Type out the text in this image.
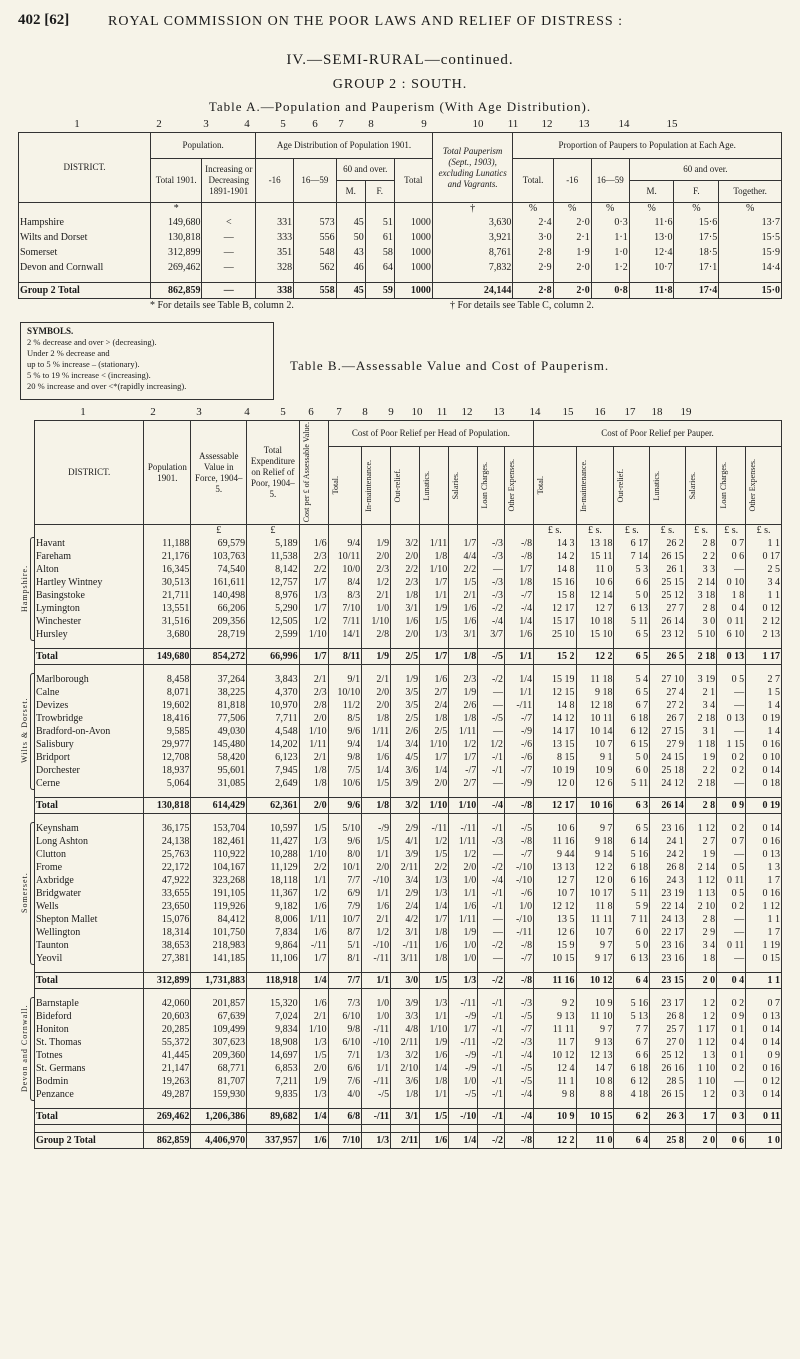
402 [62]	ROYAL COMMISSION ON THE POOR LAWS AND RELIEF OF DISTRESS :
IV.—SEMI-RURAL—continued.
GROUP 2 : SOUTH.
Table A.—Population and Pauperism (With Age Distribution).
1	2	3	4	5 6 7 8	9	10 11 12 13	14	15
DISTRICT.	Population.		Age Distribution of Population 1901.					Total Pauperism (Sept., 1903), excluding Lunatics and Vagrants.	Proportion of Paupers to Population at Each Age.					
	Total 1901.	Increasing or Decreasing 1891-1901	-16	16—59	60 and over.		Total		Total.	-16	16—59	60 and over.		
					M.	F.						M.	F.	Together.
	*							†	%	%	%	%	%	%
Hampshire	149,680	<	331	573	45	51	1000	3,630	2·4	2·0	0·3	11·6	15·6	13·7
Wilts and Dorset	130,818	—	333	556	50	61	1000	3,921	3·0	2·1	1·1	13·0	17·5	15·5
Somerset	312,899	—	351	548	43	58	1000	8,761	2·8	1·9	1·0	12·4	18·5	15·9
Devon and Cornwall	269,462	—	328	562	46	64	1000	7,832	2·9	2·0	1·2	10·7	17·1	14·4

Group 2 Total	862,859	—	338	558	45	59	1000	24,144	2·8	2·0	0·8	11·8	17·4	15·0
* For details see Table B, column 2.	† For details see Table C, column 2.
SYMBOLS.
2 % decrease and over > (decreasing).
Under 2 % decrease and
up to 5 % increase – (stationary).
5 % to 19 % increase < (increasing).
20 % increase and over <*(rapidly increasing).
Table B.—Assessable Value and Cost of Pauperism.
1	2	3	4	5 6 7 8 9 10 11 12 13 14 15 16 17 18 19
DISTRICT.	Population 1901.	Assessable Value in Force, 1904–5.	Total Expenditure on Relief of Poor, 1904–5.	Cost per £ of Assessable Value.	Cost of Poor Relief per Head of Population.							Cost of Poor Relief per Pauper.						

					Total.	In-maintenance.	Out-relief.	Lunatics.	Salaries.	Loan Charges.	Other Expenses.	Total.	In-maintenance.	Out-relief.	Lunatics.	Salaries.	Loan Charges.	Other Expenses.

		£	£									£ s.	£ s.	£ s.	£ s.	£ s.	£ s.	£ s.
Havant	11,188	69,579	5,189	1/6	9/4	1/9	3/2	1/11	1/7	-/3	-/8	14 3	13 18	6 17	26 2	2 8	0 7	1 1
Fareham	21,176	103,763	11,538	2/3	10/11	2/0	2/0	1/8	4/4	-/3	-/8	14 2	15 11	7 14	26 15	2 2	0 6	0 17
Alton	16,345	74,540	8,142	2/2	10/0	2/3	2/2	1/10	2/2	—	1/7	14 8	11 0	5 3	26 1	3 3	—	2 5
Hartley Wintney	30,513	161,611	12,757	1/7	8/4	1/2	2/3	1/7	1/5	-/3	1/8	15 16	10 6	6 6	25 15	2 14	0 10	3 4
Basingstoke	21,711	140,498	8,976	1/3	8/3	2/1	1/8	1/1	2/1	-/3	-/7	15 8	12 14	5 0	25 12	3 18	1 8	1 1
Lymington	13,551	66,206	5,290	1/7	7/10	1/0	3/1	1/9	1/6	-/2	-/4	12 17	12 7	6 13	27 7	2 8	0 4	0 12
Winchester	31,516	209,356	12,505	1/2	7/11	1/10	1/6	1/5	1/6	-/4	1/4	15 17	10 18	5 11	26 14	3 0	0 11	2 12
Hursley	3,680	28,719	2,599	1/10	14/1	2/8	2/0	1/3	3/1	3/7	1/6	25 10	15 10	6 5	23 12	5 10	6 10	2 13

Total	149,680	854,272	66,996	1/7	8/11	1/9	2/5	1/7	1/8	-/5	1/1	15 2	12 2	6 5	26 5	2 18	0 13	1 17

Marlborough	8,458	37,264	3,843	2/1	9/1	2/1	1/9	1/6	2/3	-/2	1/4	15 19	11 18	5 4	27 10	3 19	0 5	2 7
Calne	8,071	38,225	4,370	2/3	10/10	2/0	3/5	2/7	1/9	—	1/1	12 15	9 18	6 5	27 4	2 1	—	1 5
Devizes	19,602	81,818	10,970	2/8	11/2	2/0	3/5	2/4	2/6	—	-/11	14 8	12 18	6 7	27 2	3 4	—	1 4
Trowbridge	18,416	77,506	7,711	2/0	8/5	1/8	2/5	1/8	1/8	-/5	-/7	14 12	10 11	6 18	26 7	2 18	0 13	0 19
Bradford-on-Avon	9,585	49,030	4,548	1/10	9/6	1/11	2/6	2/5	1/11	—	-/9	14 17	10 14	6 12	27 15	3 1	—	1 4
Salisbury	29,977	145,480	14,202	1/11	9/4	1/4	3/4	1/10	1/2	1/2	-/6	13 15	10 7	6 15	27 9	1 18	1 15	0 16
Bridport	12,708	58,420	6,123	2/1	9/8	1/6	4/5	1/7	1/7	-/1	-/6	8 15	9 1	5 0	24 15	1 9	0 2	0 10
Dorchester	18,937	95,601	7,945	1/8	7/5	1/4	3/6	1/4	-/7	-/1	-/7	10 19	10 9	6 0	25 18	2 2	0 2	0 14
Cerne	5,064	31,085	2,649	1/8	10/6	1/5	3/9	2/0	2/7	—	-/9	12 0	12 6	5 11	24 12	2 18	—	0 18

Total	130,818	614,429	62,361	2/0	9/6	1/8	3/2	1/10	1/10	-/4	-/8	12 17	10 16	6 3	26 14	2 8	0 9	0 19

Keynsham	36,175	153,704	10,597	1/5	5/10	-/9	2/9	-/11	-/11	-/1	-/5	10 6	9 7	6 5	23 16	1 12	0 2	0 14
Long Ashton	24,138	182,461	11,427	1/3	9/6	1/5	4/1	1/2	1/11	-/3	-/8	11 16	9 18	6 14	24 1	2 7	0 7	0 16
Clutton	25,763	110,922	10,288	1/10	8/0	1/1	3/9	1/5	1/2	—	-/7	9 44	9 14	5 16	24 2	1 9	—	0 13
Frome	22,172	104,167	11,129	2/2	10/1	2/0	2/11	2/2	2/0	-/2	-/10	13 13	12 2	6 18	26 8	2 14	0 5	1 3
Axbridge	47,922	323,268	18,118	1/1	7/7	-/10	3/4	1/3	1/0	-/4	-/10	12 7	12 0	6 16	24 3	1 12	0 11	1 7
Bridgwater	33,655	191,105	11,367	1/2	6/9	1/1	2/9	1/3	1/1	-/1	-/6	10 7	10 17	5 11	23 19	1 13	0 5	0 16
Wells	23,650	119,926	9,182	1/6	7/9	1/6	2/4	1/4	1/6	-/1	1/0	12 12	11 8	5 9	22 14	2 10	0 2	1 12
Shepton Mallet	15,076	84,412	8,006	1/11	10/7	2/1	4/2	1/7	1/11	—	-/10	13 5	11 11	7 11	24 13	2 8	—	1 1
Wellington	18,314	101,750	7,834	1/6	8/7	1/2	3/1	1/8	1/9	—	-/11	12 6	10 7	6 0	22 17	2 9	—	1 7
Taunton	38,653	218,983	9,864	-/11	5/1	-/10	-/11	1/6	1/0	-/2	-/8	15 9	9 7	5 0	23 16	3 4	0 11	1 19
Yeovil	27,381	141,185	11,106	1/7	8/1	-/11	3/11	1/8	1/0	—	-/7	10 15	9 17	6 13	23 16	1 8	—	0 15

Total	312,899	1,731,883	118,918	1/4	7/7	1/1	3/0	1/5	1/3	-/2	-/8	11 16	10 12	6 4	23 15	2 0	0 4	1 1

Barnstaple	42,060	201,857	15,320	1/6	7/3	1/0	3/9	1/3	-/11	-/1	-/3	9 2	10 9	5 16	23 17	1 2	0 2	0 7
Bideford	20,603	67,639	7,024	2/1	6/10	1/0	3/3	1/1	-/9	-/1	-/5	9 13	11 10	5 13	26 8	1 2	0 9	0 13
Honiton	20,285	109,499	9,834	1/10	9/8	-/11	4/8	1/10	1/7	-/1	-/7	11 11	9 7	7 7	25 7	1 17	0 1	0 14
St. Thomas	55,372	307,623	18,908	1/3	6/10	-/10	2/11	1/9	-/11	-/2	-/3	11 7	9 13	6 7	27 0	1 12	0 4	0 14
Totnes	41,445	209,360	14,697	1/5	7/1	1/3	3/2	1/6	-/9	-/1	-/4	10 12	12 13	6 6	25 12	1 3	0 1	0 9
St. Germans	21,147	68,771	6,853	2/0	6/6	1/1	2/10	1/4	-/9	-/1	-/5	12 4	14 7	6 18	26 16	1 10	0 2	0 16
Bodmin	19,263	81,707	7,211	1/9	7/6	-/11	3/6	1/8	1/0	-/1	-/5	11 1	10 8	6 12	28 5	1 10	—	0 12
Penzance	49,287	159,930	9,835	1/3	4/0	-/5	1/8	1/1	-/5	-/1	-/4	9 8	8 8	4 18	26 15	1 2	0 3	0 14

Total	269,462	1,206,386	89,682	1/4	6/8	-/11	3/1	1/5	-/10	-/1	-/4	10 9	10 15	6 2	26 3	1 7	0 3	0 11

Group 2 Total	862,859	4,406,970	337,957	1/6	7/10	1/3	2/11	1/6	1/4	-/2	-/8	12 2	11 0	6 4	25 8	2 0	0 6	1 0
Hampshire.
Wilts & Dorset.
Somerset.
Devon and Cornwall.
